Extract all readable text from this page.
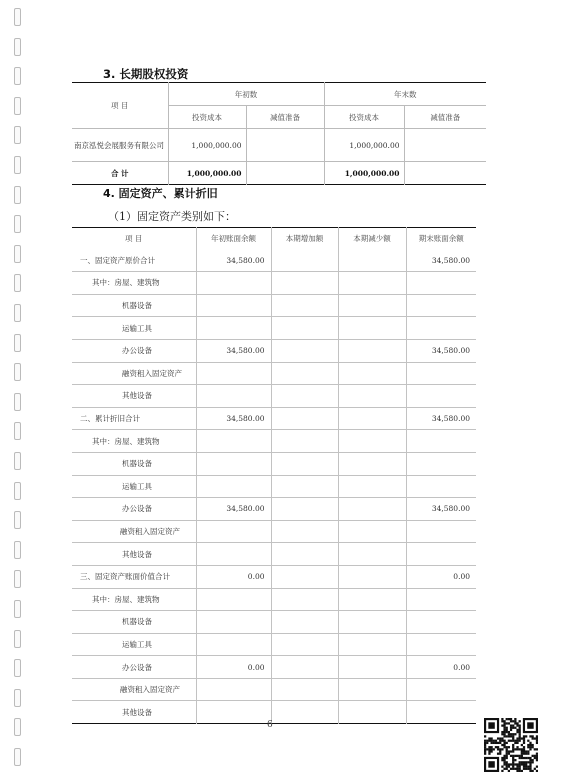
3. 长期股权投资
项 目	年初数		年末数	
	投资成本	减值准备	投资成本	减值准备
南京泓悦会展服务有限公司	1,000,000.00		1,000,000.00	
合 计	1,000,000.00		1,000,000.00	
4. 固定资产、累计折旧
（1）固定资产类别如下：
项 目	年初账面余额	本期增加额	本期减少额	期末账面余额
一、固定资产原价合计	34,580.00			34,580.00
其中：房屋、建筑物				
机器设备				
运输工具				
办公设备	34,580.00			34,580.00
融资租入固定资产				
其他设备				
二、累计折旧合计	34,580.00			34,580.00
其中：房屋、建筑物				
机器设备				
运输工具				
办公设备	34,580.00			34,580.00
融资租入固定资产				
其他设备				
三、固定资产账面价值合计	0.00			0.00
其中：房屋、建筑物				
机器设备				
运输工具				
办公设备	0.00			0.00
融资租入固定资产				
其他设备				
6
